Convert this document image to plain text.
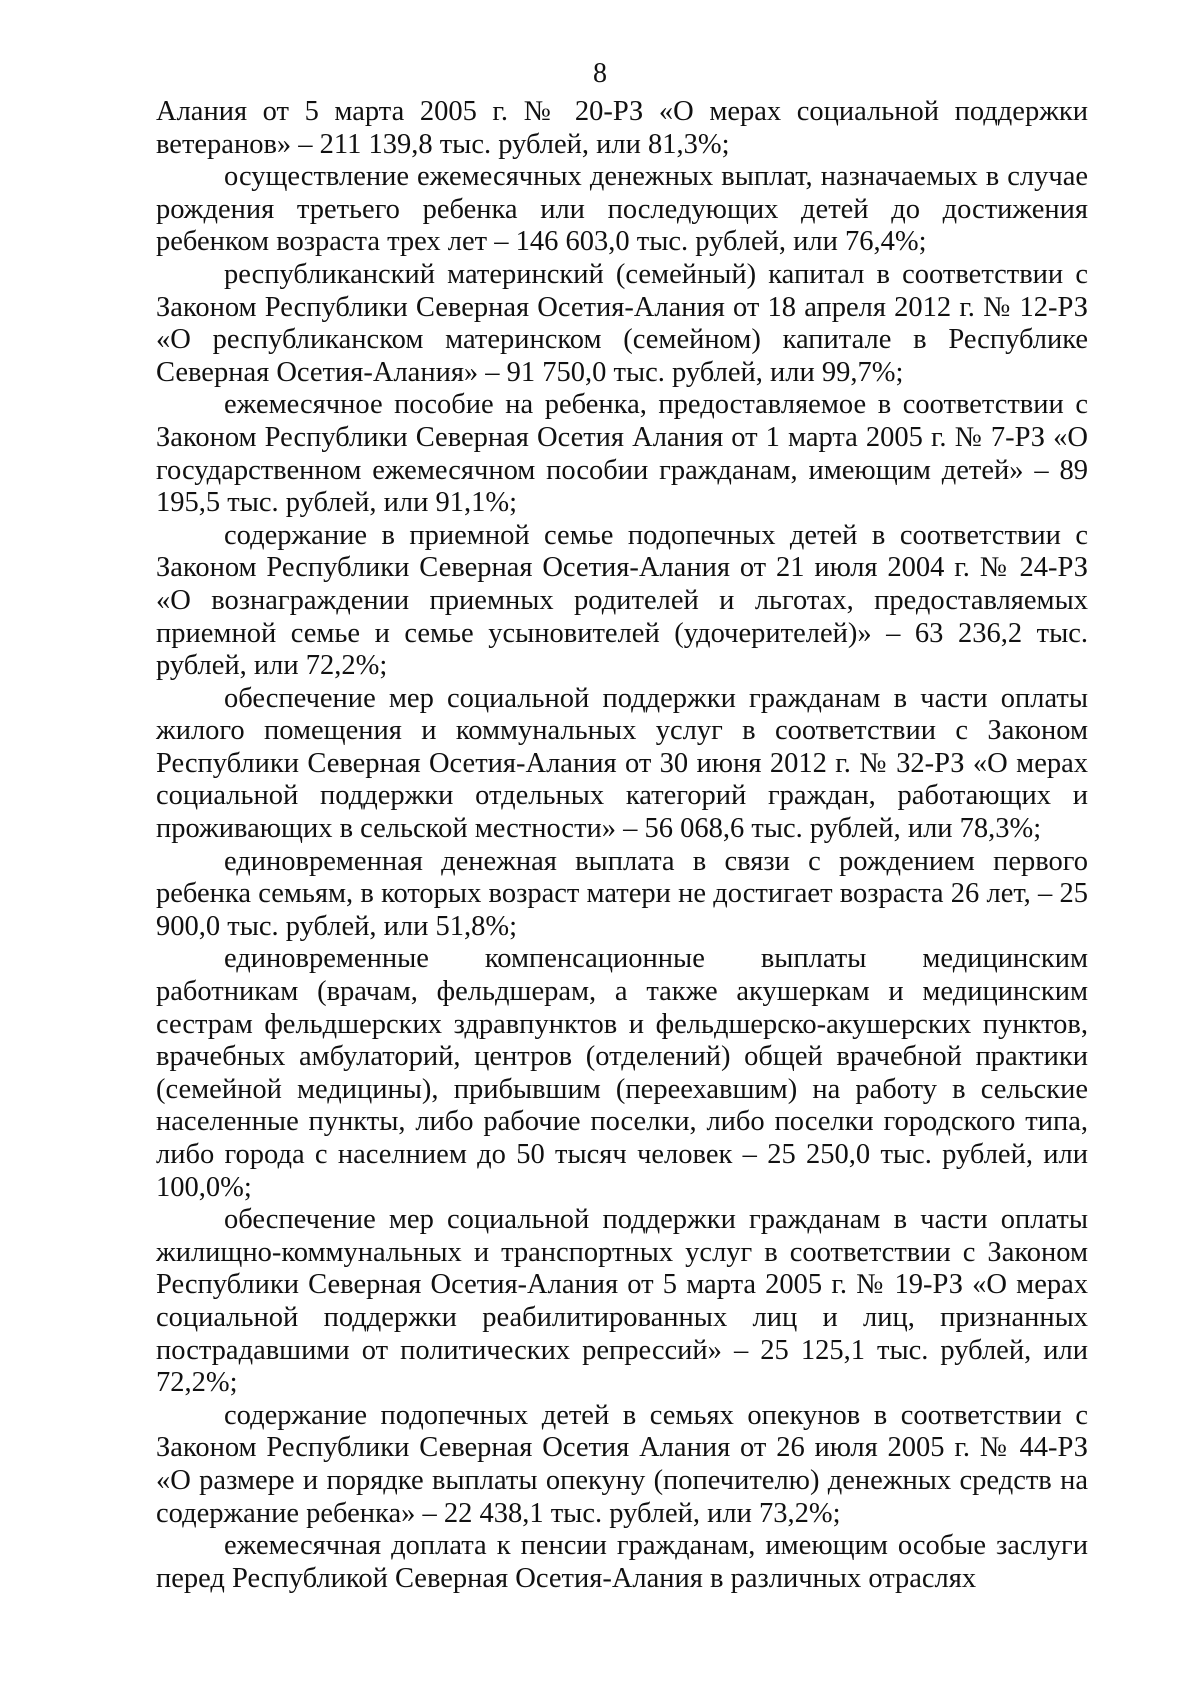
8

Алания от 5 марта 2005 г. № 20-РЗ «О мерах социальной поддержки ветеранов» – 211 139,8 тыс. рублей, или 81,3%;

осуществление ежемесячных денежных выплат, назначаемых в случае рождения третьего ребенка или последующих детей до достижения ребенком возраста трех лет – 146 603,0 тыс. рублей, или 76,4%;

республиканский материнский (семейный) капитал в соответствии с Законом Республики Северная Осетия-Алания от 18 апреля 2012 г. № 12-РЗ «О республиканском материнском (семейном) капитале в Республике Северная Осетия-Алания» – 91 750,0 тыс. рублей, или 99,7%;

ежемесячное пособие на ребенка, предоставляемое в соответствии с Законом Республики Северная Осетия Алания от 1 марта 2005 г. № 7-РЗ «О государственном ежемесячном пособии гражданам, имеющим детей» – 89 195,5 тыс. рублей, или 91,1%;

содержание в приемной семье подопечных детей в соответствии с Законом Республики Северная Осетия-Алания от 21 июля 2004 г. № 24-РЗ «О вознаграждении приемных родителей и льготах, предоставляемых приемной семье и семье усыновителей (удочерителей)» – 63 236,2 тыс. рублей, или 72,2%;

обеспечение мер социальной поддержки гражданам в части оплаты жилого помещения и коммунальных услуг в соответствии с Законом Республики Северная Осетия-Алания от 30 июня 2012 г. № 32-РЗ «О мерах социальной поддержки отдельных категорий граждан, работающих и проживающих в сельской местности» – 56 068,6 тыс. рублей, или 78,3%;

единовременная денежная выплата в связи с рождением первого ребенка семьям, в которых возраст матери не достигает возраста 26 лет, – 25 900,0 тыс. рублей, или 51,8%;

единовременные компенсационные выплаты медицинским работникам (врачам, фельдшерам, а также акушеркам и медицинским сестрам фельдшерских здравпунктов и фельдшерско-акушерских пунктов, врачебных амбулаторий, центров (отделений) общей врачебной практики (семейной медицины), прибывшим (переехавшим) на работу в сельские населенные пункты, либо рабочие поселки, либо поселки городского типа, либо города с населнием до 50 тысяч человек – 25 250,0 тыс. рублей, или 100,0%;

обеспечение мер социальной поддержки гражданам в части оплаты жилищно-коммунальных и транспортных услуг в соответствии с Законом Республики Северная Осетия-Алания от 5 марта 2005 г. № 19-РЗ «О мерах социальной поддержки реабилитированных лиц и лиц, признанных пострадавшими от политических репрессий» – 25 125,1 тыс. рублей, или 72,2%;

содержание подопечных детей в семьях опекунов в соответствии с Законом Республики Северная Осетия Алания от 26 июля 2005 г. № 44-РЗ «О размере и порядке выплаты опекуну (попечителю) денежных средств на содержание ребенка» – 22 438,1 тыс. рублей, или 73,2%;

ежемесячная доплата к пенсии гражданам, имеющим особые заслуги перед Республикой Северная Осетия-Алания в различных отраслях
